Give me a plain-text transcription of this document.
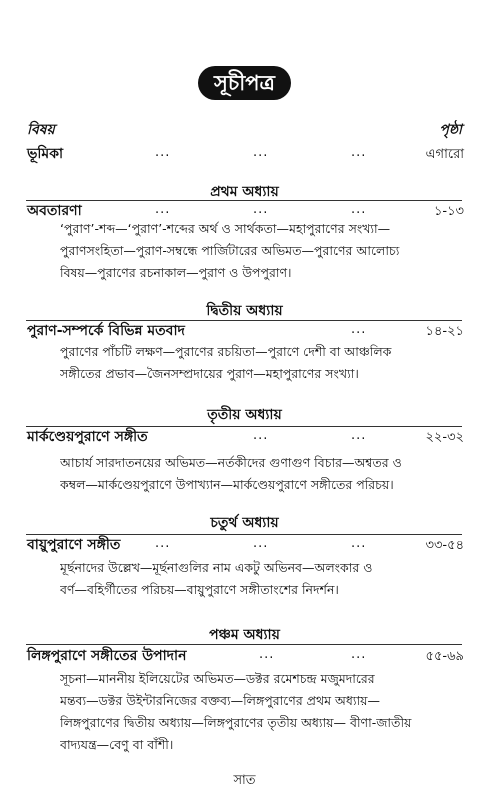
সূচীপত্র
বিষয়	পৃষ্ঠা
ভূমিকা	...	...	...	এগারো
প্রথম অধ্যায়
অবতারণা	...	...	...	১-১৩
‘পুরাণ’-শব্দ—‘পুরাণ’-শব্দের অর্থ ও সার্থকতা—মহাপুরাণের সংখ্যা—
পুরাণসংহিতা—পুরাণ-সম্বন্ধে পার্জিটারের অভিমত—পুরাণের আলোচ্য
বিষয়—পুরাণের রচনাকাল—পুরাণ ও উপপুরাণ।
দ্বিতীয় অধ্যায়
পুরাণ-সম্পর্কে বিভিন্ন মতবাদ	...	১৪-২১
পুরাণের পাঁচটি লক্ষণ—পুরাণের রচয়িতা—পুরাণে দেশী বা আঞ্চলিক
সঙ্গীতের প্রভাব—জৈনসম্প্রদায়ের পুরাণ—মহাপুরাণের সংখ্যা।
তৃতীয় অধ্যায়
মার্কণ্ডেয়পুরাণে সঙ্গীত	...	...	২২-৩২
আচার্য সারদাতনয়ের অভিমত—নর্তকীদের গুণাগুণ বিচার—অশ্বতর ও
কম্বল—মার্কণ্ডেয়পুরাণে উপাখ্যান—মার্কণ্ডেয়পুরাণে সঙ্গীতের পরিচয়।
চতুর্থ অধ্যায়
বায়ুপুরাণে সঙ্গীত	...	...	...	৩৩-৫৪
মূর্ছনাদের উল্লেখ—মূর্ছনাগুলির নাম একটু অভিনব—অলংকার ও
বর্ণ—বহির্গীতের পরিচয়—বায়ুপুরাণে সঙ্গীতাংশের নিদর্শন।
পঞ্চম অধ্যায়
লিঙ্গপুরাণে সঙ্গীতের উপাদান	...	...	৫৫-৬৯
সূচনা—মাননীয় ইলিয়েটের অভিমত—ডক্টর রমেশচন্দ্র মজুমদারের
মন্তব্য—ডক্টর উইন্টারনিজের বক্তব্য—লিঙ্গপুরাণের প্রথম অধ্যায়—
লিঙ্গপুরাণের দ্বিতীয় অধ্যায়—লিঙ্গপুরাণের তৃতীয় অধ্যায়— বীণা-জাতীয়
বাদ্যযন্ত্র—বেণু বা বাঁশী।
সাত
